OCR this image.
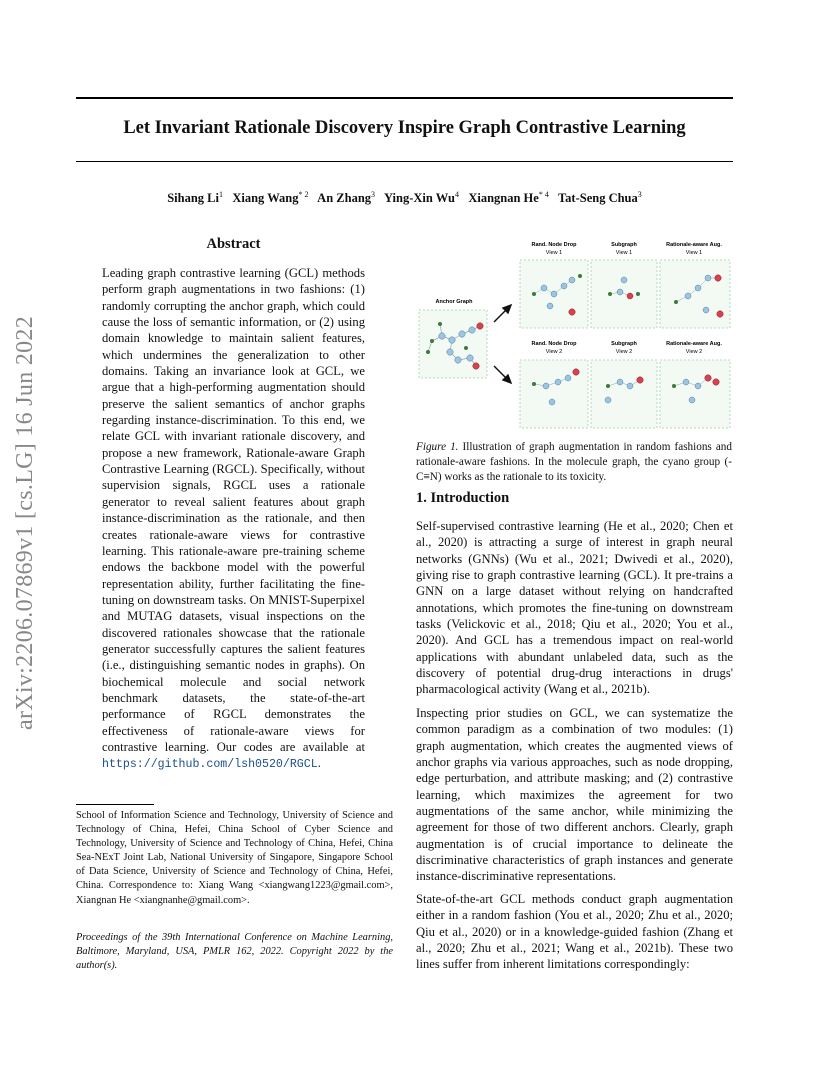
Let Invariant Rationale Discovery Inspire Graph Contrastive Learning
Sihang Li$^1$ Xiang Wang$^{* 2}$ An Zhang$^3$ Ying-Xin Wu$^4$ Xiangnan He$^{* 4}$ Tat-Seng Chua$^3$
arXiv:2206.07869v1 [cs.LG] 16 Jun 2022
Abstract
Leading graph contrastive learning (GCL) methods perform graph augmentations in two fashions: (1) randomly corrupting the anchor graph, which could cause the loss of semantic information, or (2) using domain knowledge to maintain salient features, which undermines the generalization to other domains. Taking an invariance look at GCL, we argue that a high-performing augmentation should preserve the salient semantics of anchor graphs regarding instance-discrimination. To this end, we relate GCL with invariant rationale discovery, and propose a new framework, Rationale-aware Graph Contrastive Learning (RGCL). Specifically, without supervision signals, RGCL uses a rationale generator to reveal salient features about graph instance-discrimination as the rationale, and then creates rationale-aware views for contrastive learning. This rationale-aware pre-training scheme endows the backbone model with the powerful representation ability, further facilitating the fine-tuning on downstream tasks. On MNIST-Superpixel and MUTAG datasets, visual inspections on the discovered rationales showcase that the rationale generator successfully captures the salient features (i.e., distinguishing semantic nodes in graphs). On biochemical molecule and social network benchmark datasets, the state-of-the-art performance of RGCL demonstrates the effectiveness of rationale-aware views for contrastive learning. Our codes are available at https://github.com/lsh0520/RGCL.
School of Information Science and Technology, University of Science and Technology of China, Hefei, China School of Cyber Science and Technology, University of Science and Technology of China, Hefei, China Sea-NExT Joint Lab, National University of Singapore, Singapore School of Data Science, University of Science and Technology of China, Hefei, China. Correspondence to: Xiang Wang <xiangwang1223@gmail.com>, Xiangnan He <xiangnanhe@gmail.com>.
Proceedings of the 39th International Conference on Machine Learning, Baltimore, Maryland, USA, PMLR 162, 2022. Copyright 2022 by the author(s).
Rand. Node Drop
View 1
Subgraph
View 1
Rationale-aware Aug.
View 1
Rand. Node Drop
View 2
Subgraph
View 2
Rationale-aware Aug.
View 2
Anchor Graph
Figure 1. Illustration of graph augmentation in random fashions and rationale-aware fashions. In the molecule graph, the cyano group (-C≡N) works as the rationale to its toxicity.
1. Introduction
Self-supervised contrastive learning (He et al., 2020; Chen et al., 2020) is attracting a surge of interest in graph neural networks (GNNs) (Wu et al., 2021; Dwivedi et al., 2020), giving rise to graph contrastive learning (GCL). It pre-trains a GNN on a large dataset without relying on handcrafted annotations, which promotes the fine-tuning on downstream tasks (Velickovic et al., 2018; Qiu et al., 2020; You et al., 2020). And GCL has a tremendous impact on real-world applications with abundant unlabeled data, such as the discovery of potential drug-drug interactions in drugs' pharmacological activity (Wang et al., 2021b).
Inspecting prior studies on GCL, we can systematize the common paradigm as a combination of two modules: (1) graph augmentation, which creates the augmented views of anchor graphs via various approaches, such as node dropping, edge perturbation, and attribute masking; and (2) contrastive learning, which maximizes the agreement for two augmentations of the same anchor, while minimizing the agreement for those of two different anchors. Clearly, graph augmentation is of crucial importance to delineate the discriminative characteristics of graph instances and generate instance-discriminative representations.
State-of-the-art GCL methods conduct graph augmentation either in a random fashion (You et al., 2020; Zhu et al., 2020; Qiu et al., 2020) or in a knowledge-guided fashion (Zhang et al., 2020; Zhu et al., 2021; Wang et al., 2021b). These two lines suffer from inherent limitations correspondingly:
